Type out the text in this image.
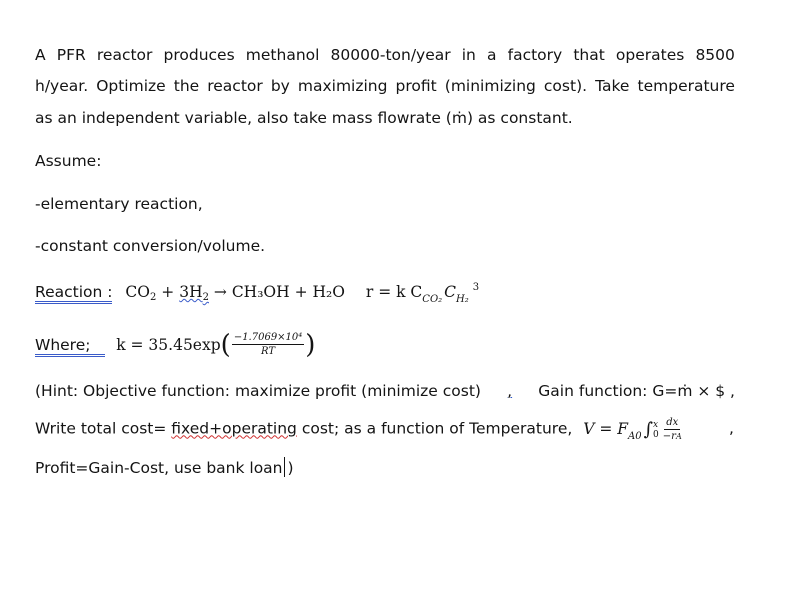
A PFR reactor produces methanol 80000-ton/year in a factory that operates 8500
h/year. Optimize the reactor by maximizing profit (minimizing cost). Take temperature
as an independent variable, also take mass flowrate (ṁ) as constant.
Assume:
-elementary reaction,
-constant conversion/volume.
Reaction : CO2 + 3H2 → CH₃OH + H₂O r = k $C_{CO_2}$ $C_{H_2}^3$
Where; $k = 35.45\exp( \frac{\text{−1.7069×10⁴}}{RT}$ )
(Hint: Objective function: maximize profit (minimize cost) , Gain function: G=ṁ × $ ,
Write total cost= fixed+operating cost; as a function of Temperature, $V = F_{A0}$ ∫ x
$0 \frac{dx}{-rA}$	,
Profit=Gain-Cost, use bank loan )
